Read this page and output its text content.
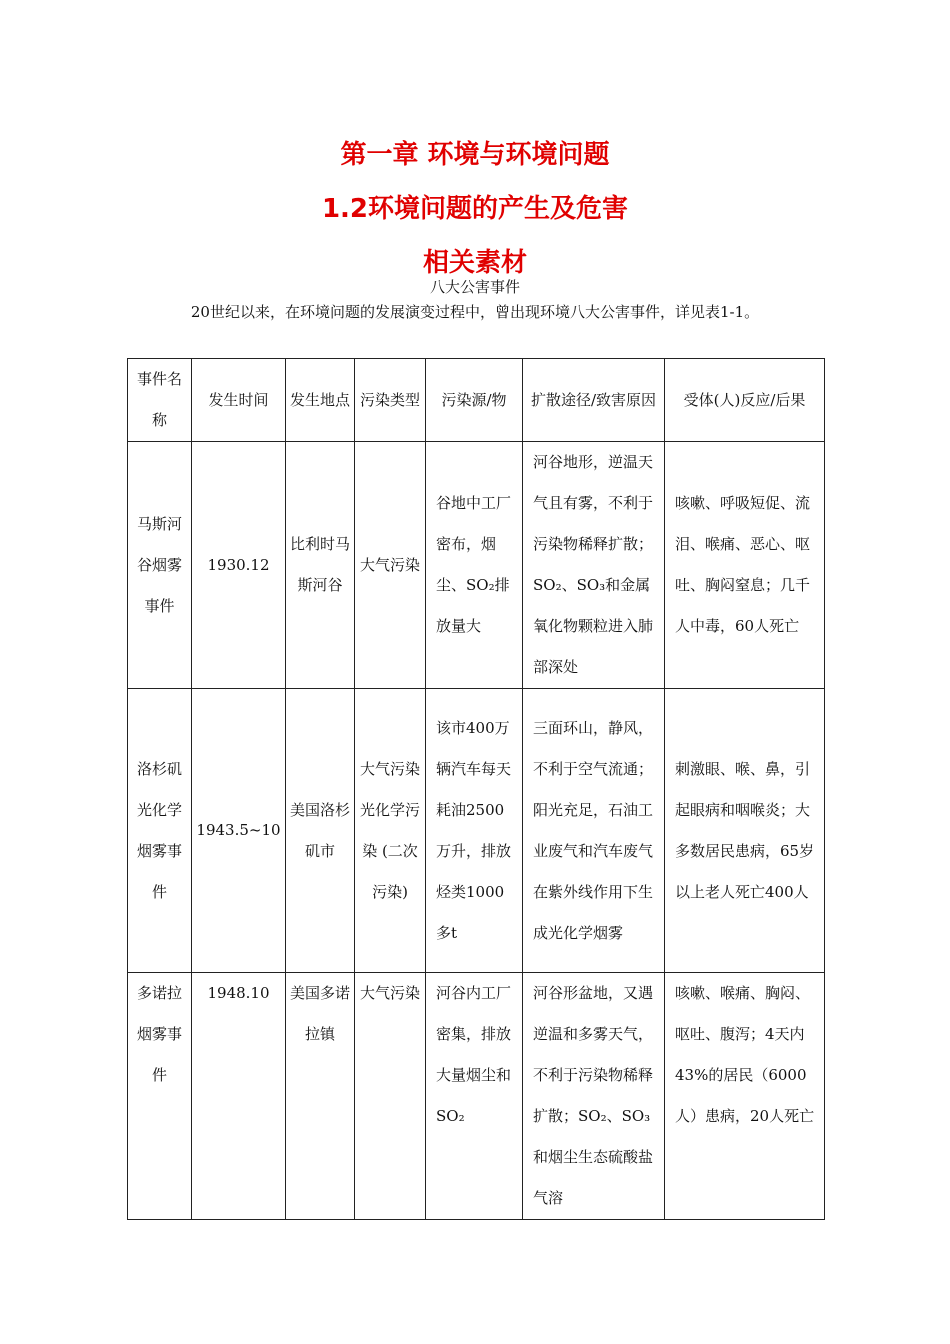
第一章 环境与环境问题
1.2环境问题的产生及危害
相关素材
八大公害事件
20世纪以来，在环境问题的发展演变过程中，曾出现环境八大公害事件，详见表1-1。
事件名称	发生时间	发生地点	污染类型	污染源/物	扩散途径/致害原因	受体(人)反应/后果
马斯河谷烟雾事件	1930.12	比利时马斯河谷	大气污染	谷地中工厂密布，烟尘、SO₂排放量大	河谷地形，逆温天气且有雾，不利于污染物稀释扩散；SO₂、SO₃和金属氧化物颗粒进入肺部深处	咳嗽、呼吸短促、流泪、喉痛、恶心、呕吐、胸闷窒息；几千人中毒，60人死亡
洛杉矶光化学烟雾事件	1943.5~10	美国洛杉矶市	大气污染 光化学污染 (二次污染)	该市400万辆汽车每天耗油2500万升，排放烃类1000多t	三面环山，静风，不利于空气流通；阳光充足，石油工业废气和汽车废气在紫外线作用下生成光化学烟雾	刺激眼、喉、鼻，引起眼病和咽喉炎；大多数居民患病，65岁以上老人死亡400人
多诺拉烟雾事件	1948.10	美国多诺拉镇	大气污染	河谷内工厂密集，排放大量烟尘和SO₂	河谷形盆地，又遇逆温和多雾天气，不利于污染物稀释扩散；SO₂、SO₃和烟尘生态硫酸盐气溶	咳嗽、喉痛、胸闷、呕吐、腹泻；4天内43%的居民（6000人）患病，20人死亡
